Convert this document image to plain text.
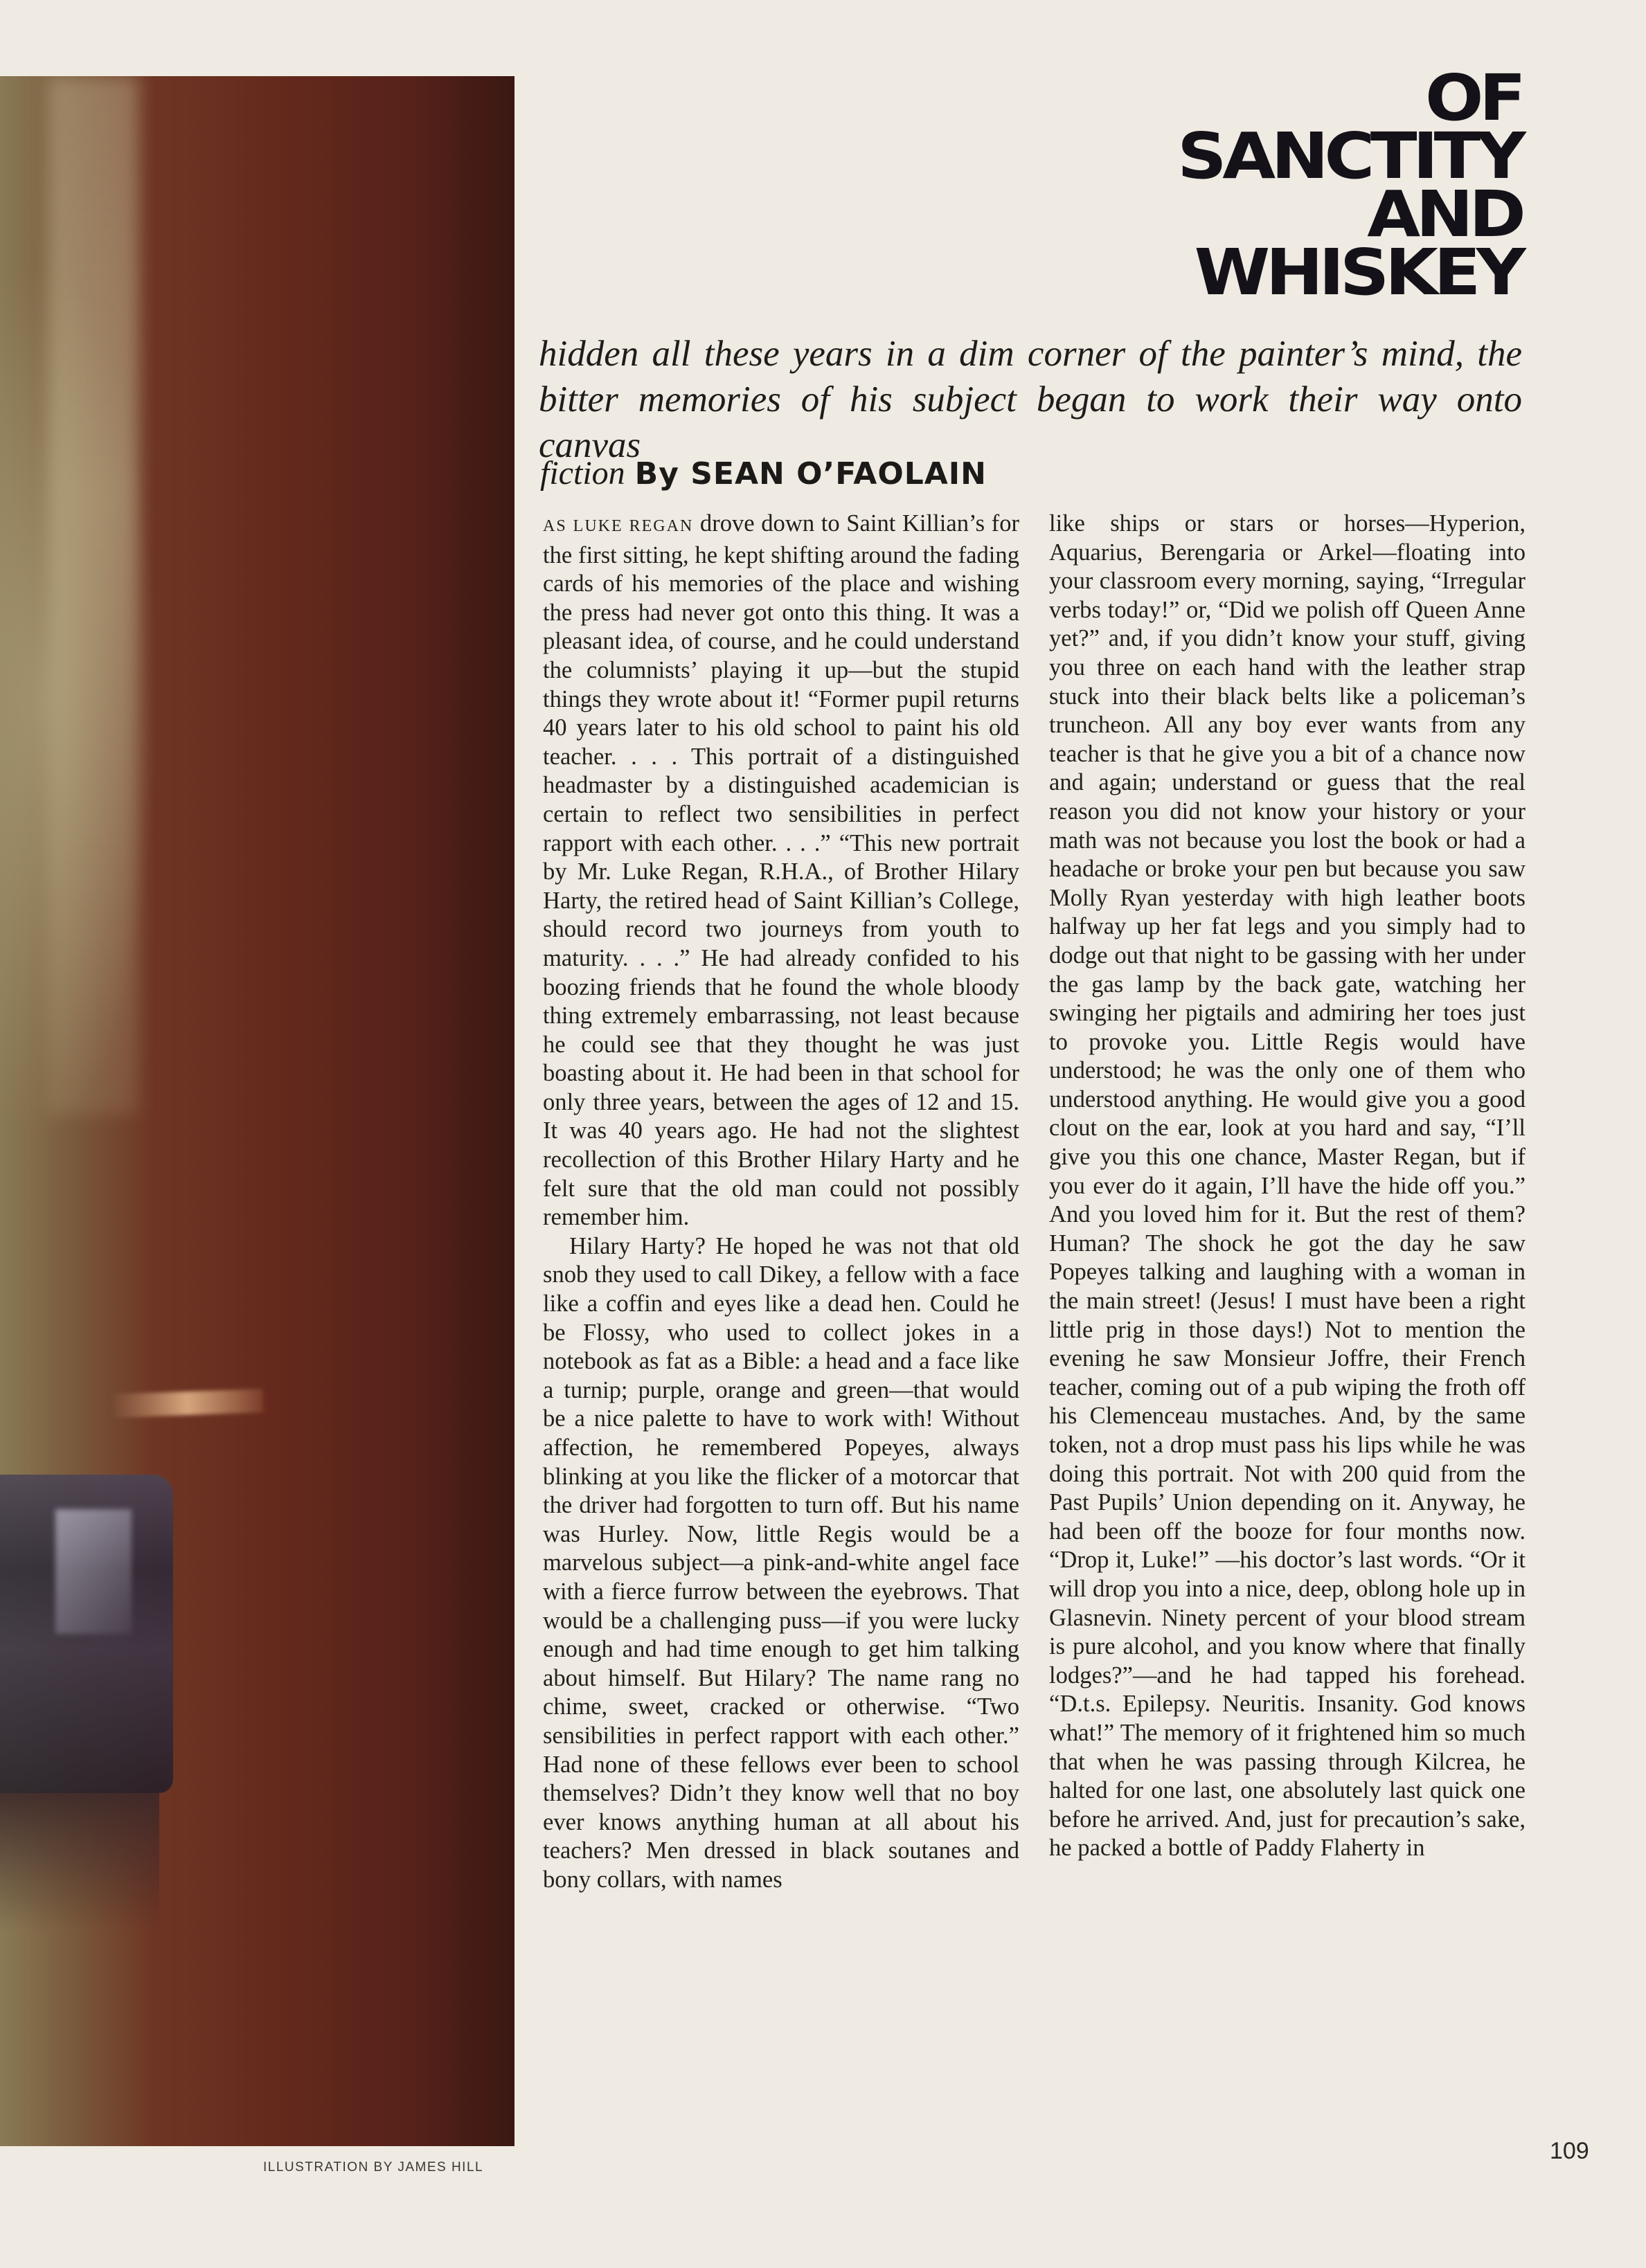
ILLUSTRATION BY JAMES HILL
OF
SANCTITY
AND
WHISKEY
hidden all these years in a dim corner of the painter’s mind, the bitter memories of his subject began to work their way onto canvas
fiction By SEAN O’FAOLAIN

AS LUKE REGAN drove down to Saint Killian’s for the first sitting, he kept shifting around the fading cards of his memories of the place and wishing the press had never got onto this thing. It was a pleasant idea, of course, and he could understand the columnists’ playing it up—but the stupid things they wrote about it! “Former pupil returns 40 years later to his old school to paint his old teacher. . . . This portrait of a distinguished headmaster by a distinguished academician is certain to reflect two sensibilities in perfect rapport with each other. . . .” “This new portrait by Mr. Luke Regan, R.H.A., of Brother Hilary Harty, the retired head of Saint Killian’s College, should record two journeys from youth to maturity. . . .” He had already confided to his boozing friends that he found the whole bloody thing extremely embarrassing, not least because he could see that they thought he was just boasting about it. He had been in that school for only three years, between the ages of 12 and 15. It was 40 years ago. He had not the slightest recollection of this Brother Hilary Harty and he felt sure that the old man could not possibly remember him.

Hilary Harty? He hoped he was not that old snob they used to call Dikey, a fellow with a face like a coffin and eyes like a dead hen. Could he be Flossy, who used to collect jokes in a notebook as fat as a Bible: a head and a face like a turnip; purple, orange and green—that would be a nice palette to have to work with! Without affection, he remembered Popeyes, always blinking at you like the flicker of a motorcar that the driver had forgotten to turn off. But his name was Hurley. Now, little Regis would be a marvelous subject—a pink-and-white angel face with a fierce furrow between the eyebrows. That would be a challenging puss—if you were lucky enough and had time enough to get him talking about himself. But Hilary? The name rang no chime, sweet, cracked or otherwise. “Two sensibilities in perfect rapport with each other.” Had none of these fellows ever been to school themselves? Didn’t they know well that no boy ever knows anything human at all about his teachers? Men dressed in black soutanes and bony collars, with names

like ships or stars or horses—Hyperion, Aquarius, Berengaria or Arkel—floating into your classroom every morning, saying, “Irregular verbs today!” or, “Did we polish off Queen Anne yet?” and, if you didn’t know your stuff, giving you three on each hand with the leather strap stuck into their black belts like a policeman’s truncheon. All any boy ever wants from any teacher is that he give you a bit of a chance now and again; understand or guess that the real reason you did not know your history or your math was not because you lost the book or had a headache or broke your pen but because you saw Molly Ryan yesterday with high leather boots halfway up her fat legs and you simply had to dodge out that night to be gassing with her under the gas lamp by the back gate, watching her swinging her pigtails and admiring her toes just to provoke you. Little Regis would have understood; he was the only one of them who understood anything. He would give you a good clout on the ear, look at you hard and say, “I’ll give you this one chance, Master Regan, but if you ever do it again, I’ll have the hide off you.” And you loved him for it. But the rest of them? Human? The shock he got the day he saw Popeyes talking and laughing with a woman in the main street! (Jesus! I must have been a right little prig in those days!) Not to mention the evening he saw Monsieur Joffre, their French teacher, coming out of a pub wiping the froth off his Clemenceau mustaches. And, by the same token, not a drop must pass his lips while he was doing this portrait. Not with 200 quid from the Past Pupils’ Union depending on it. Anyway, he had been off the booze for four months now. “Drop it, Luke!” —his doctor’s last words. “Or it will drop you into a nice, deep, oblong hole up in Glasnevin. Ninety percent of your blood stream is pure alcohol, and you know where that finally lodges?”—and he had tapped his forehead. “D.t.s. Epilepsy. Neuritis. Insanity. God knows what!” The memory of it frightened him so much that when he was passing through Kilcrea, he halted for one last, one absolutely last quick one before he arrived. And, just for precaution’s sake, he packed a bottle of Paddy Flaherty in

109
